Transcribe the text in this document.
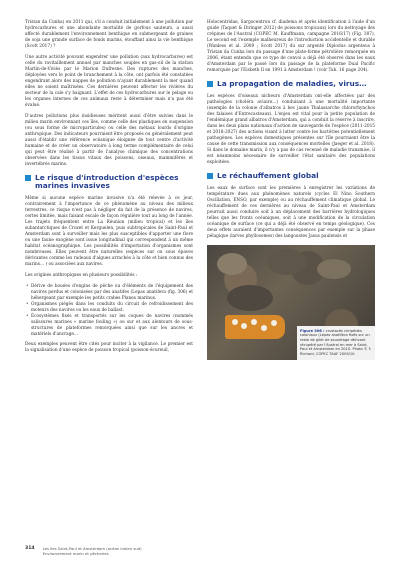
Tristan da Cunha) en 2011 qui, s'il a conduit initialement à une pollution par hydrocarbures et une abondante mortalité de gorfous sauteurs, a aussi affecté durablement l'environnement benthique en submergeant de graines de soja une grande surface de fonds marins, étouffant ainsi la vie benthique (Scott 2017) ?

Une autre activité pouvant engendrer une pollution (aux hydrocarbures) est celle du ravitaillement annuel par manches souples en gas-oil de la station Martin-de-Viviès par le Marion Dufresne. Des ruptures des manches, déployées vers le point de branchement à la côte, ont parfois été constatées engendrant alors des nappes de pollution n'ayant durablement la mer quand elles ne soient maîtrisées. Ces dernières peuvent affecter les rivières du secteur de la cale s'y baignant. L'effet de ces hydrocarbures sur le pelage ou les organes internes de ces animaux reste à déterminer mais n'a pas été évalué.

D'autres pollutions plus insidieuses méritent aussi d'être suivies dans le milieu marin environnant ces îles, comme celle des plastiques en suspension (ou sous forme de microparticules) ou celle des métaux lourds d'origine anthropique. Des indicateurs pourraient être proposés ou généralement peut aussi d'établir une référence océanique éloignée de tout centre d'activité humaine et de créer un observatoire à long terme complémentaire de celui qui peut être réalisé à partir de l'analyse chimique des concentrations observées dans les tissus vitaux des poissons, oiseaux, mammifères et invertébrés marins.

Le risque d'introduction d'espèces marines invasives

Même si aucune espèce marine invasive n'a été relevée à ce jour, contrairement à l'importance de ce phénomène au niveau des milieux terrestres, ce risque n'est pas à négliger du fait de la présence de navires, certes limitée, mais faisant escale de façon régulière tout au long de l'année. Les trajets fréquentent entre La Réunion (milieu tropical) et les îles subantarctiques de Crozet et Kerguelen, puis subtropicales de Saint-Paul et Amsterdam sont à surveiller mais les plus susceptibles d'apporter une flore ou une faune exogène sont issue longitudinal qui correspondent à un même habitat océanographique. Les possibilités d'importation d'organismes sont nombreuses. Elles peuvent être naturelles (espèces sur ou sous épaves dérivantes comme les radeaux d'algues arrachés à la côte et bien connus des marins… ) ou associées aux navires.

Les origines anthropiques en plusieurs possibilités :

• Dérive de bouées d'engins de pêche ou d'éléments de l'équipement des navires perdus et colonisées par des anatifes (Lepas anatifera (fig. 306) et hébergeant par exemple les petits crabes Planes marinus.
• Organismes piégés dans les conduits du circuit de refroidissement des moteurs des navires ou les eaux de ballast.
• Écosystèmes fixés et transportés sur les coques de navires (nommés salissures marines « marine fouling ») ou sur et aux alentours de sous-structures de plateformes remorquées ainsi que sur les ancres et matériels d'ancrage…

Deux exemples peuvent être cités pour inciter à la vigilance. Le premier est la signalisation d'une espèce de poisson tropical (poisson-écureuil,

Holocentridae, Sargocentron cf. diadema et après identification à l'aide d'un guide (Taquet & Diringer 2012) de poissons tropicaux) lors du nettoyage des crépines de l'Austral (COPEC M. Kauffmann, campagne 2016/17) (Fig. 307). Le second est l'exemple malheureux de l'introduction accidentelle et durable (Wanless et al. 2009 ; Scott 2017) du sur argenté Diplodus argenteus à Tristan da Cunha lors du passage d'une plate-forme pétrolière remorquée en 2006, étant entendu que ce type de convoi a déjà été observé dans les eaux d'Amsterdam par le passé lors du passage de la plateforme Dual Pacific remorquée par l'Eisbeth Il en 1991 à Amsterdam ! (voir Tab. 16 page 204).

La propagation de maladies, virus…

Les espèces d'oiseaux nicheurs d'Amsterdam ont-elle affectées par des pathologies (choléra aviaire…) conduisant à une mortalité importante (exemple de la colonie d'albatros à bec jaune Thalassarche chlororhynchos des falaises d'Entrecasteaux). L'enjeu est vital pour la petite population de l'endémique grand albatros d'Amsterdam, qui a conduit la réserve à inscrire, dans les deux plans nationaux d'action de sauvegarde de l'espèce (2011-2015 et 2018-2027) des actions visant à lutter contre les bactéries potentiellement pathogènes. Les espèces domestiques présentes sur l'île pourraient être la cause de cette transmission aux conséquences mortelles (Jaeger et al. 2018). Si dans le domaine marin, il n'y a pas de cas recensé de maladie transmise, il est néanmoins nécessaire de surveiller l'état sanitaire des populations exploitées.

Le réchauffement global

Les eaux de surface sont les premières à enregistrer les variations de température dues aux phénomènes naturels (cycles El Nino Southern Oscillation, ENSO, par exemple) ou au réchauffement climatique global. Le réchauffement de ces dernières au niveau de Saint-Paul et Amsterdam pourrait aussi conduire soit à un déplacement des barrières hydrologiques telles que les fronts océaniques, soit à une modification de la circulation océanique de surface (ce qui a déjà été observé en temps géologique). Ces deux effets auraient d'importantes conséquences par exemple sur la phase pélagique (larves phyllosomes) des langoustes Jasus paulensis et

Figure 306 : crustacés cirripèdes coloniaux (Lepas anatifera fixés sur un reste de gilet de sauvetage dérivant récupéré par l'Austral en mer à Saint-Paul et Amsterdam en 2010. Photo © F. Richard, COPEC TAAF 2009/10.
314 Les îles Saint-Paul et Amsterdam (océan Indien sud)
Environnement marin et pêcheries
